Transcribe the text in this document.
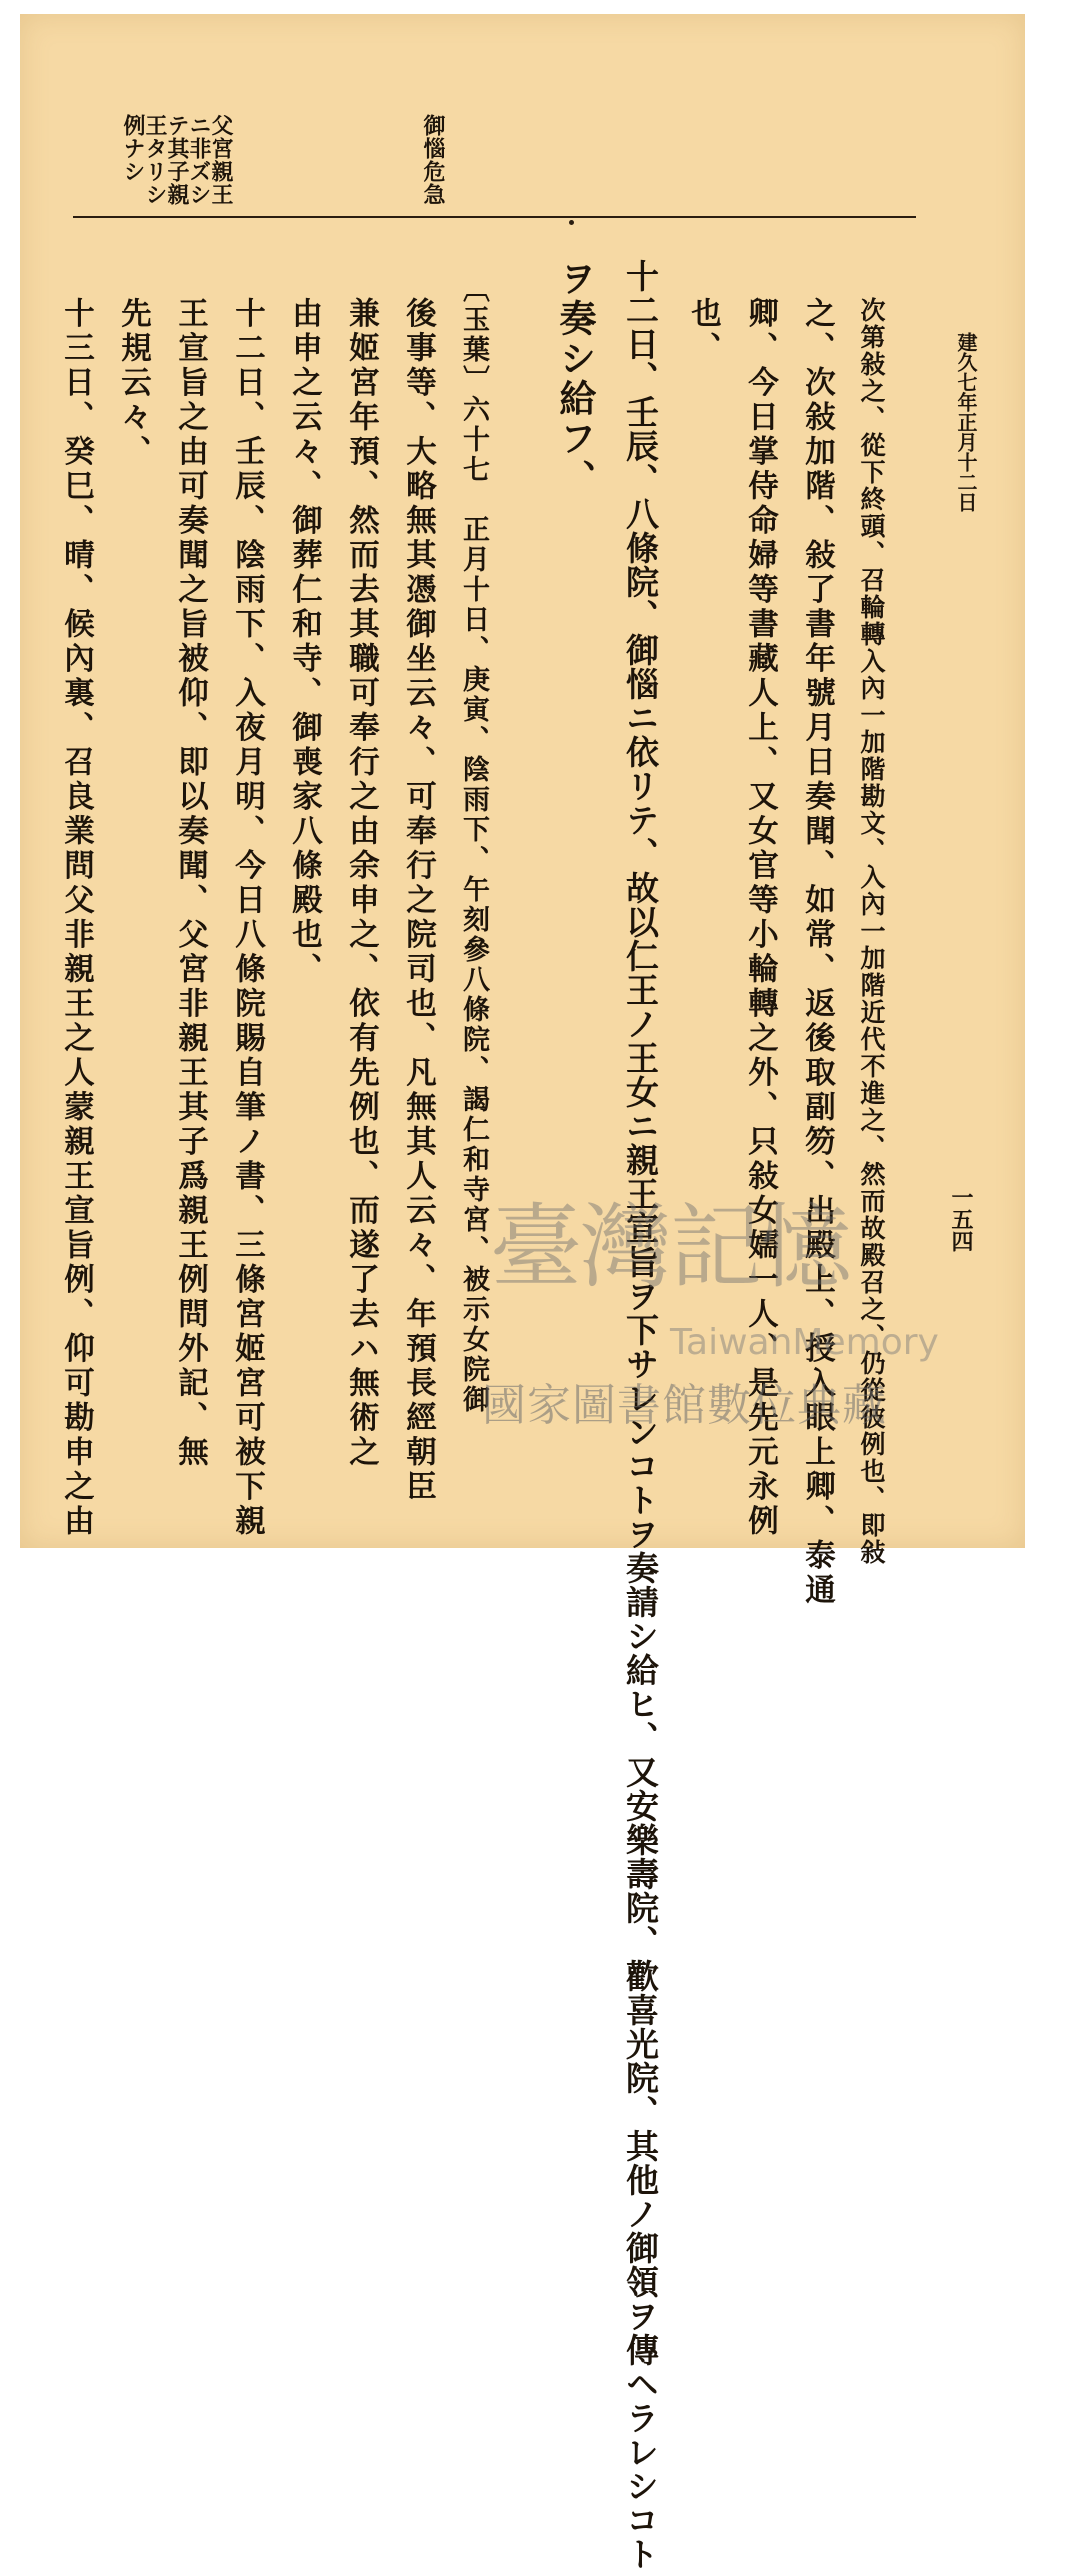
建久七年正月十二日
一五四
御惱危急
父宮親王
ニ非ズシ
テ其子親
王タリシ
例ナシ
次第敍之、從下終頭、召輪轉入內一加階勘文、入內一加階近代不進之、然而故殿召之、仍從彼例也、即敍
之、次敍加階、敍了書年號月日奏聞、如常、返後取副笏、出殿上、授入眼上卿、泰通
卿、今日掌侍命婦等書藏人上、又女官等小輪轉之外、只敍女嬬一人、是先元永例
也、
十二日、壬辰、八條院、御惱ニ依リテ、故以仁王ノ王女ニ親王宣旨ヲ下サレンコトヲ奏請シ給ヒ、又安樂壽院、歡喜光院、其他ノ御領ヲ傳ヘラレシコト
ヲ奏シ給フ、
〔玉葉〕六十七　正月十日、庚寅、陰雨下、午刻參八條院、謁仁和寺宮、被示女院御
後事等、大略無其憑御坐云々、可奉行之院司也、凡無其人云々、年預長經朝臣
兼姬宮年預、然而去其職可奉行之由余申之、依有先例也、而遂了去ハ無術之
由申之云々、御葬仁和寺、御喪家八條殿也、
十二日、壬辰、陰雨下、入夜月明、今日八條院賜自筆ノ書、三條宮姬宮可被下親
王宣旨之由可奏聞之旨被仰、即以奏聞、父宮非親王其子爲親王例問外記、無
先規云々、
十三日、癸巳、晴、候內裏、召良業問父非親王之人蒙親王宣旨例、仰可勘申之由	臺灣記憶
TaiwanMemory
國家圖書館數位典藏
